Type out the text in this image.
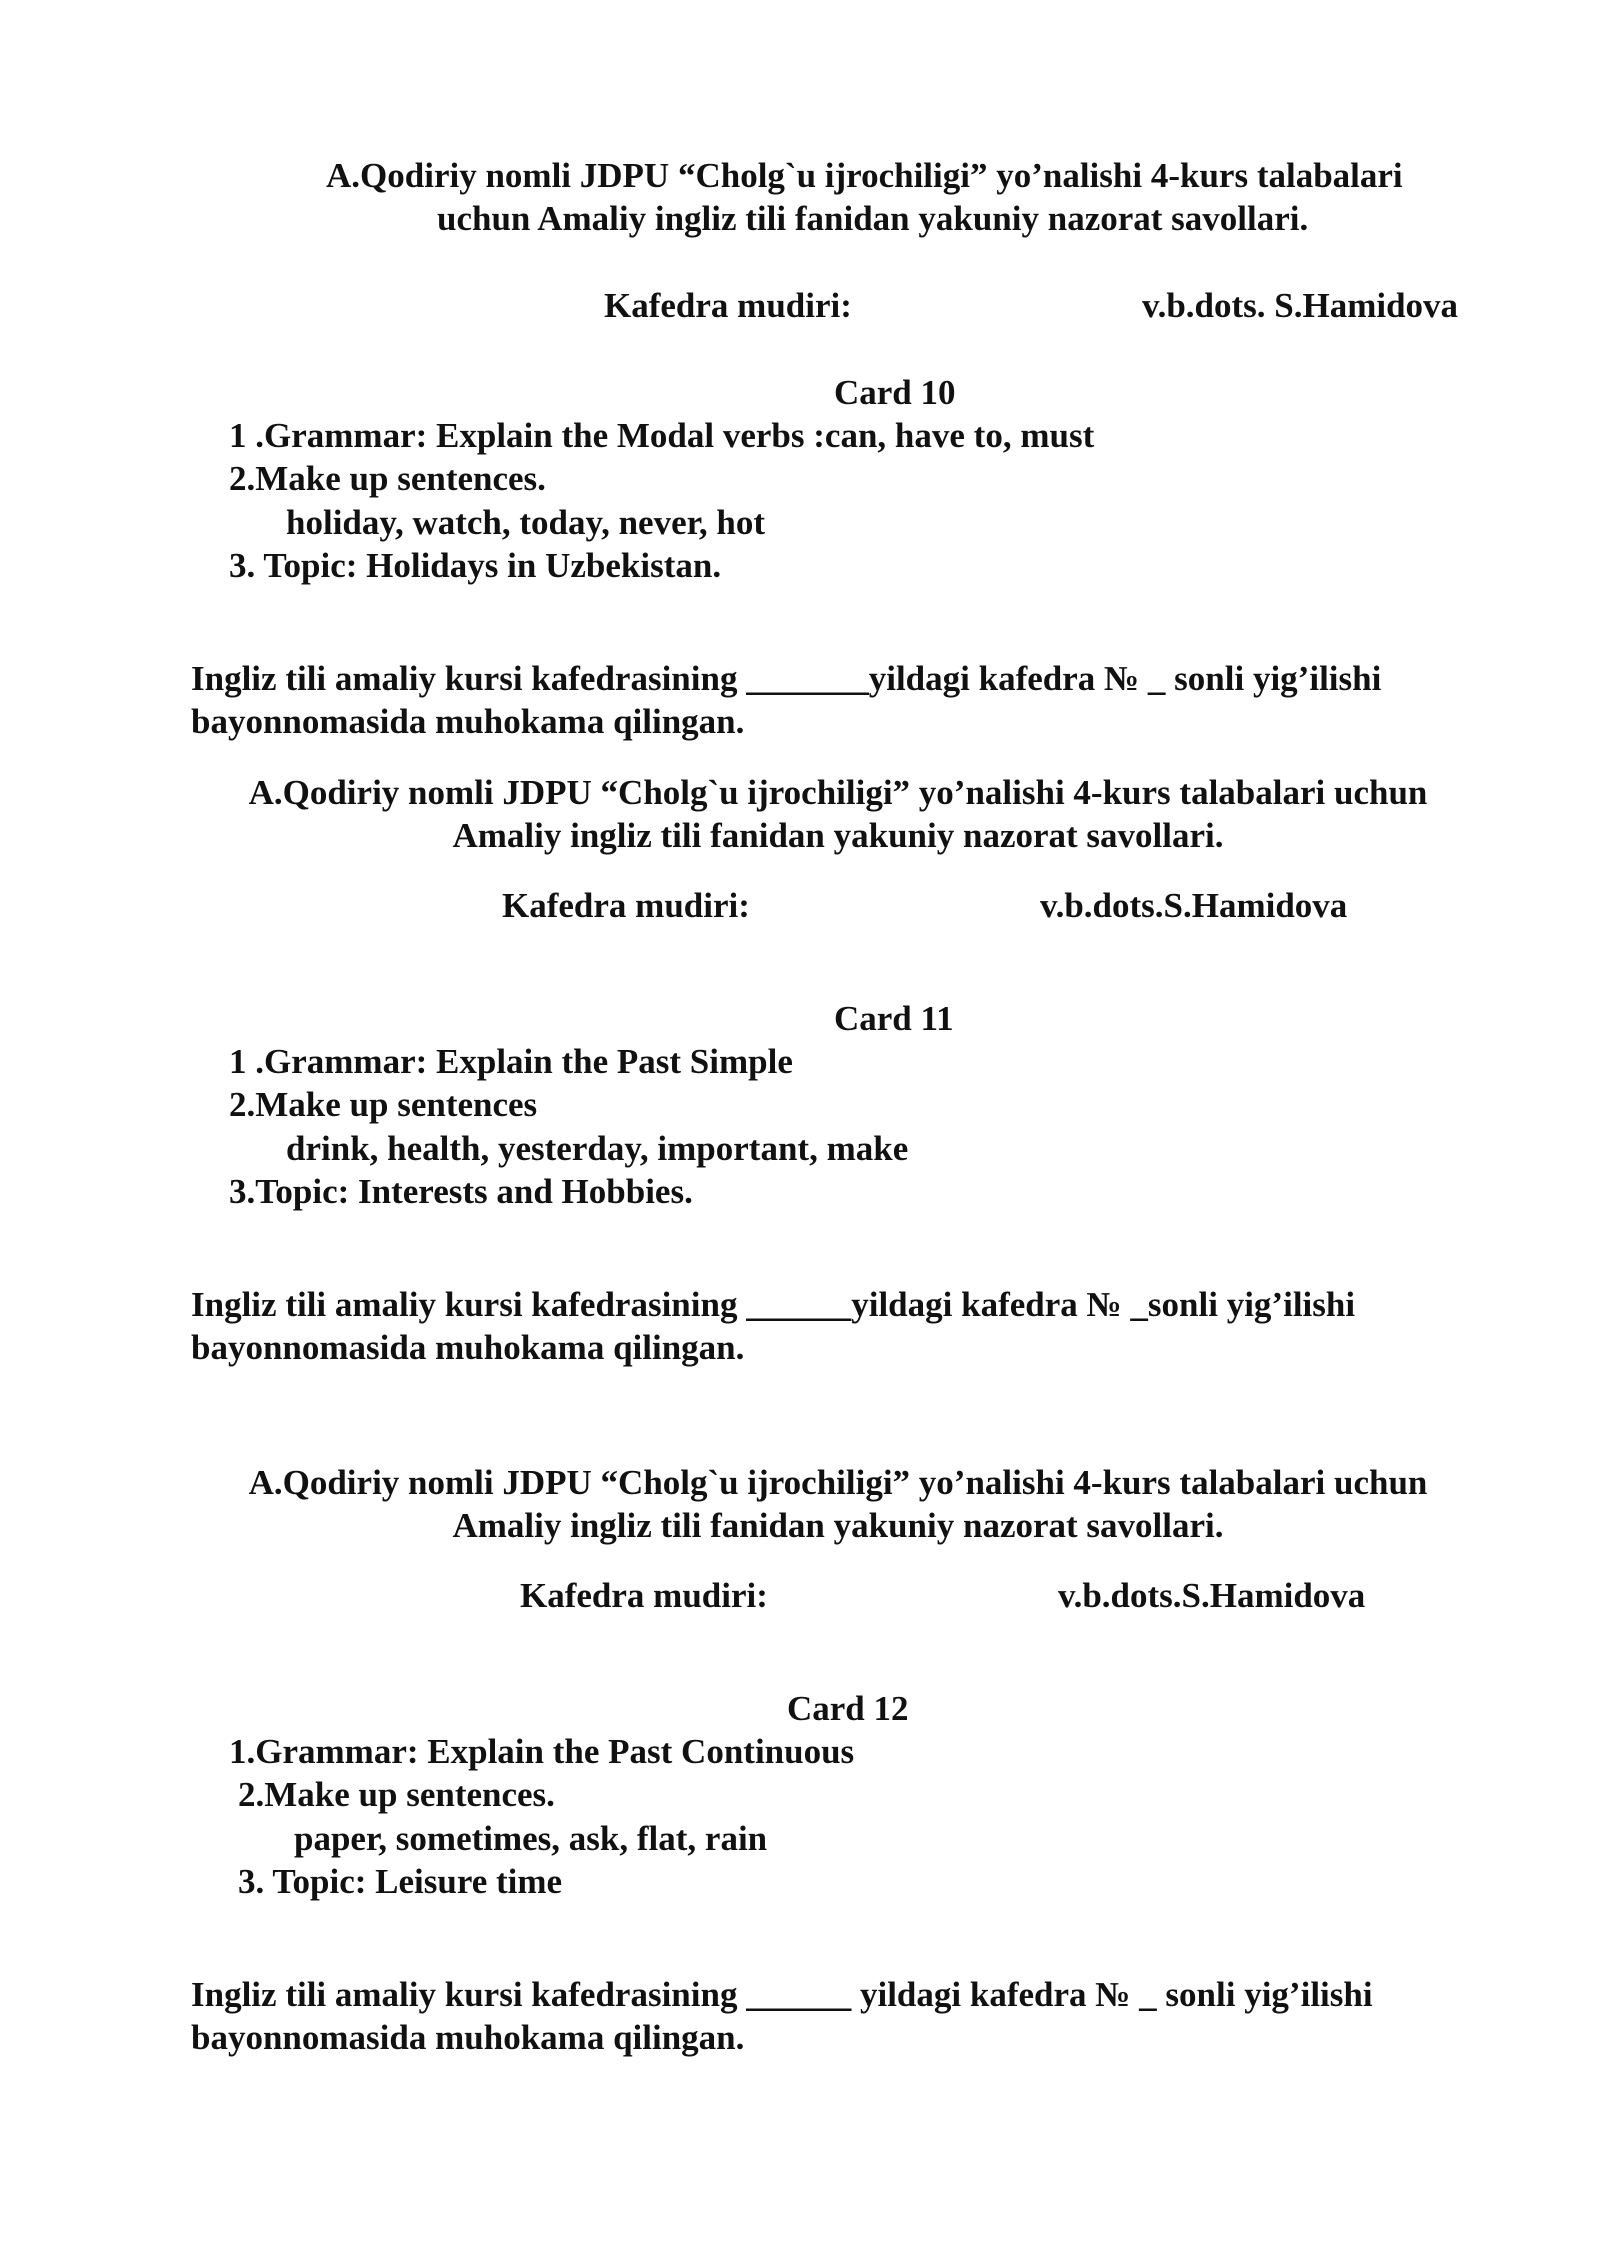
A.Qodiriy nomli JDPU “Cholg`u ijrochiligi” yo’nalishi 4-kurs talabalari
uchun Amaliy ingliz tili fanidan yakuniy nazorat savollari.
Kafedra mudiri:	v.b.dots. S.Hamidova
Card 10
1 .Grammar: Explain the Modal verbs :can, have to, must
2.Make up sentences.
holiday, watch, today, never, hot
3. Topic: Holidays in Uzbekistan.
Ingliz tili amaliy kursi kafedrasining _______yildagi kafedra № _ sonli yig’ilishi
bayonnomasida muhokama qilingan.
A.Qodiriy nomli JDPU “Cholg`u ijrochiligi” yo’nalishi 4-kurs talabalari uchun
Amaliy ingliz tili fanidan yakuniy nazorat savollari.
Kafedra mudiri:	v.b.dots.S.Hamidova
Card 11
1 .Grammar: Explain the Past Simple
2.Make up sentences
drink, health, yesterday, important, make
3.Topic: Interests and Hobbies.
Ingliz tili amaliy kursi kafedrasining ______yildagi kafedra № _sonli yig’ilishi
bayonnomasida muhokama qilingan.
A.Qodiriy nomli JDPU “Cholg`u ijrochiligi” yo’nalishi 4-kurs talabalari uchun
Amaliy ingliz tili fanidan yakuniy nazorat savollari.
Kafedra mudiri:	v.b.dots.S.Hamidova
Card 12
1.Grammar: Explain the Past Continuous
2.Make up sentences.
paper, sometimes, ask, flat, rain
3. Topic: Leisure time
Ingliz tili amaliy kursi kafedrasining ______ yildagi kafedra № _ sonli yig’ilishi
bayonnomasida muhokama qilingan.
